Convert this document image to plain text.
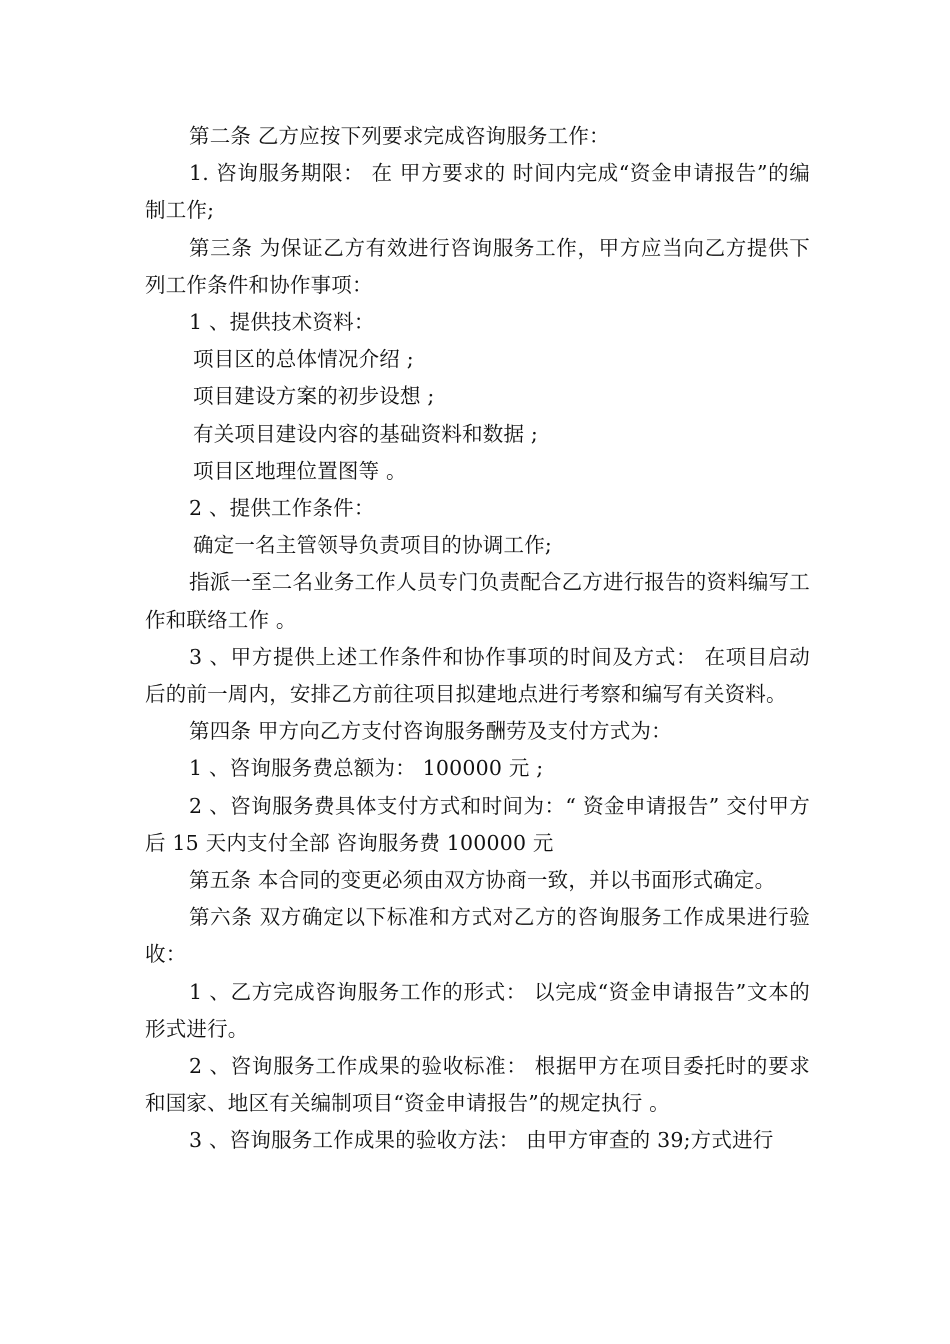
第二条 乙方应按下列要求完成咨询服务工作：

1. 咨询服务期限： 在 甲方要求的 时间内完成“资金申请报告”的编制工作;

第三条 为保证乙方有效进行咨询服务工作，甲方应当向乙方提供下列工作条件和协作事项：

1 、提供技术资料：

项目区的总体情况介绍 ;

项目建设方案的初步设想 ;

有关项目建设内容的基础资料和数据 ;

项目区地理位置图等 。

2 、提供工作条件：

确定一名主管领导负责项目的协调工作;

指派一至二名业务工作人员专门负责配合乙方进行报告的资料编写工作和联络工作 。

3 、甲方提供上述工作条件和协作事项的时间及方式： 在项目启动后的前一周内，安排乙方前往项目拟建地点进行考察和编写有关资料。

第四条 甲方向乙方支付咨询服务酬劳及支付方式为：

1 、咨询服务费总额为： 100000 元 ;

2 、咨询服务费具体支付方式和时间为：“ 资金申请报告” 交付甲方后 15 天内支付全部 咨询服务费 100000 元

第五条 本合同的变更必须由双方协商一致，并以书面形式确定。

第六条 双方确定以下标准和方式对乙方的咨询服务工作成果进行验收：

1 、乙方完成咨询服务工作的形式： 以完成“资金申请报告”文本的形式进行。

2 、咨询服务工作成果的验收标准： 根据甲方在项目委托时的要求和国家、地区有关编制项目“资金申请报告”的规定执行 。

3 、咨询服务工作成果的验收方法： 由甲方审查的 39;方式进行
